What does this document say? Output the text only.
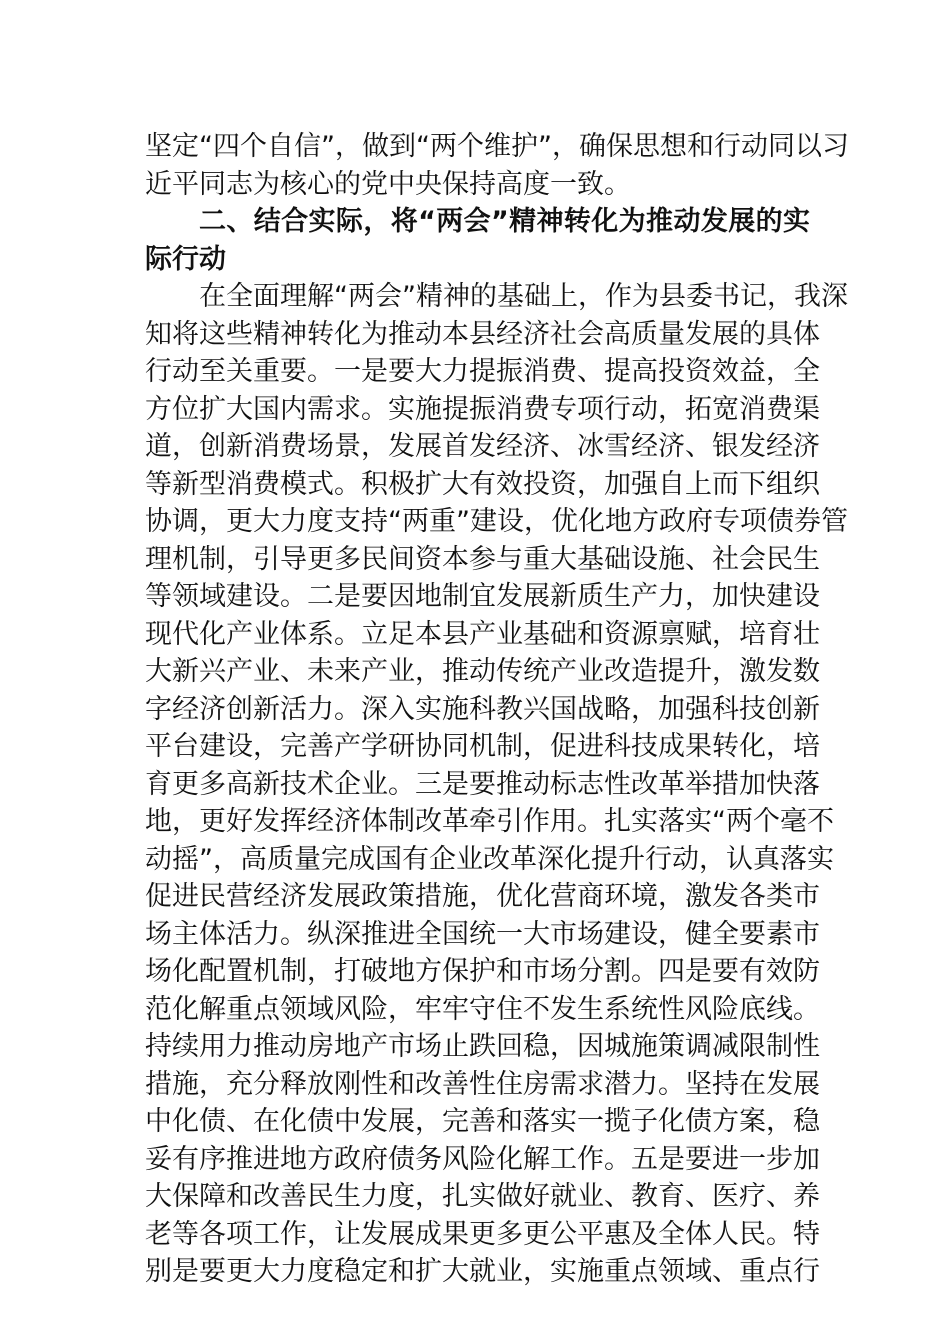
坚定“四个自信”，做到“两个维护”，确保思想和行动同以习
近平同志为核心的党中央保持高度一致。
二、结合实际，将“两会”精神转化为推动发展的实
际行动
在全面理解“两会”精神的基础上，作为县委书记，我深
知将这些精神转化为推动本县经济社会高质量发展的具体
行动至关重要。一是要大力提振消费、提高投资效益，全
方位扩大国内需求。实施提振消费专项行动，拓宽消费渠
道，创新消费场景，发展首发经济、冰雪经济、银发经济
等新型消费模式。积极扩大有效投资，加强自上而下组织
协调，更大力度支持“两重”建设，优化地方政府专项债券管
理机制，引导更多民间资本参与重大基础设施、社会民生
等领域建设。二是要因地制宜发展新质生产力，加快建设
现代化产业体系。立足本县产业基础和资源禀赋，培育壮
大新兴产业、未来产业，推动传统产业改造提升，激发数
字经济创新活力。深入实施科教兴国战略，加强科技创新
平台建设，完善产学研协同机制，促进科技成果转化，培
育更多高新技术企业。三是要推动标志性改革举措加快落
地，更好发挥经济体制改革牵引作用。扎实落实“两个毫不
动摇”，高质量完成国有企业改革深化提升行动，认真落实
促进民营经济发展政策措施，优化营商环境，激发各类市
场主体活力。纵深推进全国统一大市场建设，健全要素市
场化配置机制，打破地方保护和市场分割。四是要有效防
范化解重点领域风险，牢牢守住不发生系统性风险底线。
持续用力推动房地产市场止跌回稳，因城施策调减限制性
措施，充分释放刚性和改善性住房需求潜力。坚持在发展
中化债、在化债中发展，完善和落实一揽子化债方案，稳
妥有序推进地方政府债务风险化解工作。五是要进一步加
大保障和改善民生力度，扎实做好就业、教育、医疗、养
老等各项工作，让发展成果更多更公平惠及全体人民。特
别是要更大力度稳定和扩大就业，实施重点领域、重点行
